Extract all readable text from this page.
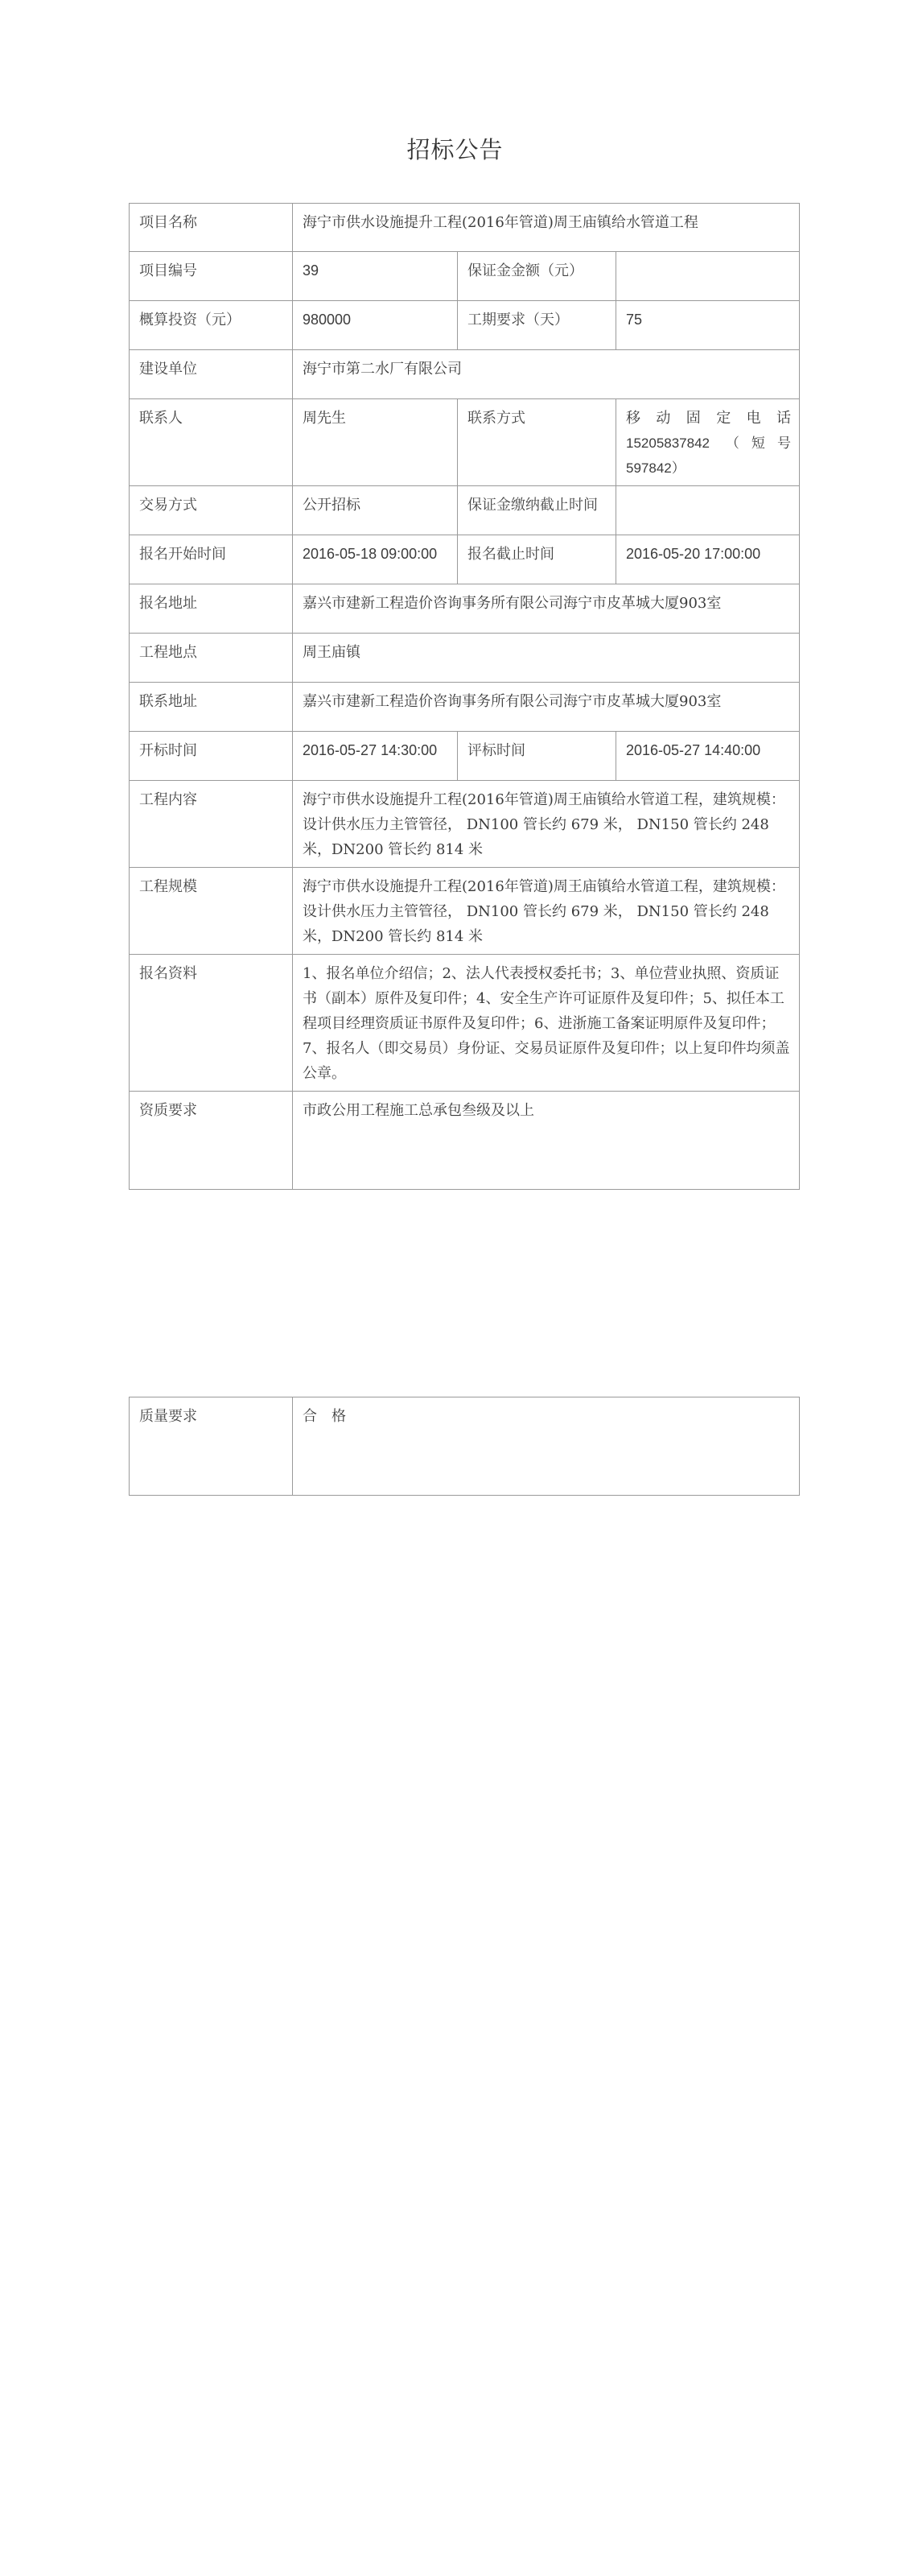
招标公告
项目名称	海宁市供水设施提升工程(2016年管道)周王庙镇给水管道工程		
项目编号	39	保证金金额（元）	
概算投资（元）	980000	工期要求（天）	75
建设单位	海宁市第二水厂有限公司		
联系人	周先生	联系方式	移动固定电话
15205837842 （短号
597842）

交易方式	公开招标	保证金缴纳截止时间	
报名开始时间	2016-05-18 09:00:00	报名截止时间	2016-05-20 17:00:00
报名地址	嘉兴市建新工程造价咨询事务所有限公司海宁市皮革城大厦903室		
工程地点	周王庙镇		
联系地址	嘉兴市建新工程造价咨询事务所有限公司海宁市皮革城大厦903室		
开标时间	2016-05-27 14:30:00	评标时间	2016-05-27 14:40:00
工程内容	海宁市供水设施提升工程(2016年管道)周王庙镇给水管道工程，建筑规模：设计供水压力主管管径， DN100 管长约 679 米， DN150 管长约 248 米，DN200 管长约 814 米		
工程规模	海宁市供水设施提升工程(2016年管道)周王庙镇给水管道工程，建筑规模：设计供水压力主管管径， DN100 管长约 679 米， DN150 管长约 248 米，DN200 管长约 814 米		
报名资料	1、报名单位介绍信；2、法人代表授权委托书；3、单位营业执照、资质证书（副本）原件及复印件；4、安全生产许可证原件及复印件；5、拟任本工程项目经理资质证书原件及复印件；6、进浙施工备案证明原件及复印件； 7、报名人（即交易员）身份证、交易员证原件及复印件；以上复印件均须盖公章。		
资质要求	市政公用工程施工总承包叁级及以上		
质量要求	合　格
